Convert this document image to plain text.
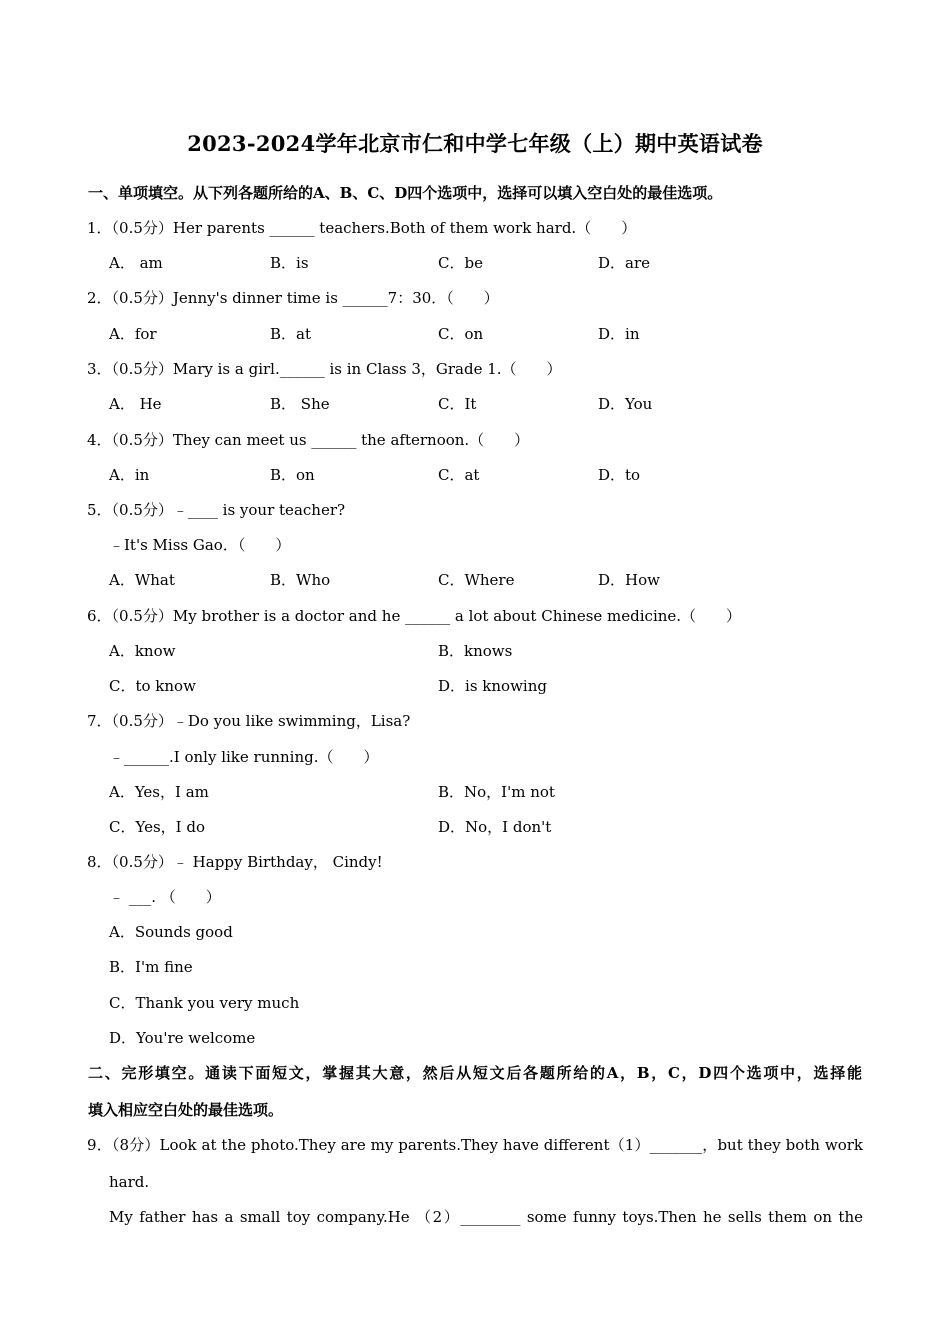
2023-2024学年北京市仁和中学七年级（上）期中英语试卷
一、单项填空。从下列各题所给的A、B、C、D四个选项中，选择可以填入空白处的最佳选项。
1．（0.5分）Her parents ______ teachers.Both of them work hard.（　　）
A． am	B．is	C．be	D．are
2．（0.5分）Jenny's dinner time is ______7：30．（　　）
A．for	B．at	C．on	D．in
3．（0.5分）Mary is a girl.______ is in Class 3，Grade 1.（　　）
A． He	B． She	C．It	D．You
4．（0.5分）They can meet us ______ the afternoon.（　　）
A．in	B．on	C．at	D．to
5．（0.5分）﹣____ is your teacher?
﹣It's Miss Gao．（　　）
A．What	B．Who	C．Where	D．How
6．（0.5分）My brother is a doctor and he ______ a lot about Chinese medicine.（　　）
A．know	B．knows
C．to know	D．is knowing
7．（0.5分）﹣Do you like swimming，Lisa?
﹣______.I only like running.（　　）
A．Yes，I am	B．No，I'm not
C．Yes，I do	D．No，I don't
8．（0.5分）﹣ Happy Birthday， Cindy!
﹣ ___. （　　）
A．Sounds good
B．I'm fine
C．Thank you very much
D．You're welcome
二、完形填空。通读下面短文，掌握其大意，然后从短文后各题所给的A，B，C，D四个选项中，选择能
填入相应空白处的最佳选项。
9．（8分）Look at the photo.They are my parents.They have different（1）_______，but they both work
hard.
My father has a small toy company.He （2）________ some funny toys.Then he sells them on the
